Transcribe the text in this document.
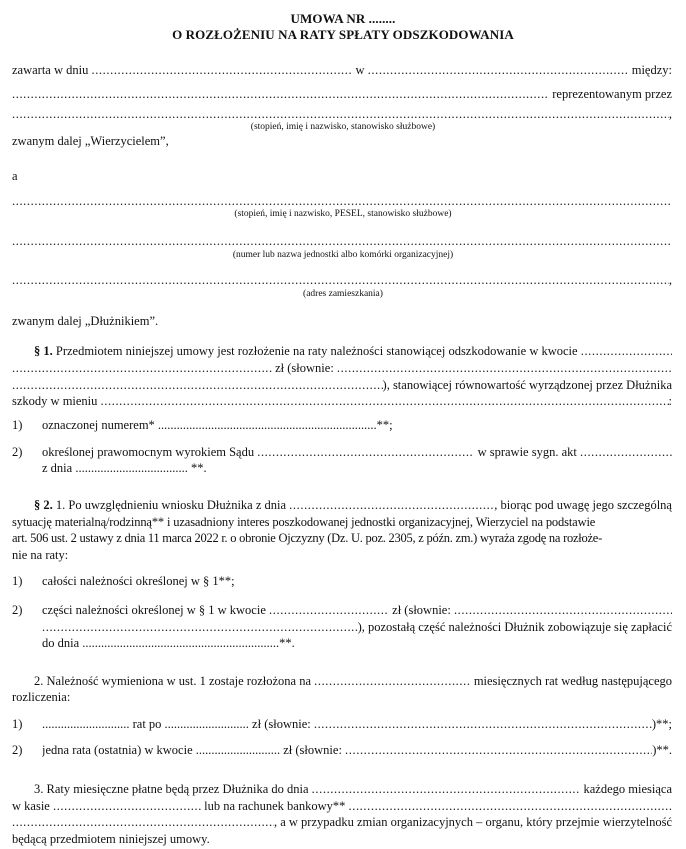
UMOWA NR ........
O ROZŁOŻENIU NA RATY SPŁATY ODSZKODOWANIA
zawarta w dniu .....	w .....	między:
.....
reprezentowanym przez
.....
,
(stopień, imię i nazwisko, stanowisko służbowe)
zwanym dalej „Wierzycielem”,
a
.....
(stopień, imię i nazwisko, PESEL, stanowisko służbowe)
.....
(numer lub nazwa jednostki albo komórki organizacyjnej)
.....
,
(adres zamieszkania)
zwanym dalej „Dłużnikiem”.
§ 1. Przedmiotem niniejszej umowy jest rozłożenie na raty należności stanowiącej odszkodowanie w kwocie
.....
.....
zł (słownie:
.....
.....
), stanowiącej równowartość wyrządzonej przez Dłużnika
szkody w mieniu .....	:
1) oznaczonej numerem* ......................................................................**;
2) określonej prawomocnym wyrokiem Sądu .....	w sprawie sygn. akt
.....
z dnia .................................... **.
§ 2. 1. Po uwzględnieniu wniosku Dłużnika z dnia .....	, biorąc pod uwagę jego szczególną
sytuację materialną/rodzinną** i uzasadniony interes poszkodowanej jednostki organizacyjnej, Wierzyciel na podstawie
art. 506 ust. 2 ustawy z dnia 11 marca 2022 r. o obronie Ojczyzny (Dz. U. poz. 2305, z późn. zm.) wyraża zgodę na rozłoże-
nie na raty:
1) całości należności określonej w § 1**;
2) części należności określonej w § 1 w kwocie .....	zł (słownie:
.....
.....
), pozostałą część należności Dłużnik zobowiązuje się zapłacić
do dnia ...............................................................**.
2. Należność wymieniona w ust. 1 zostaje rozłożona na .....	miesięcznych rat według następującego
rozliczenia:
1) ............................ rat po ........................... zł (słownie: .....	)**;
2) jedna rata (ostatnia) w kwocie ........................... zł (słownie: .....	)**.
3. Raty miesięczne płatne będą przez Dłużnika do dnia .....	każdego miesiąca
w kasie .....	lub na rachunek bankowy**
.....
.....
, a w przypadku zmian organizacyjnych – organu, który przejmie wierzytelność
będącą przedmiotem niniejszej umowy.
